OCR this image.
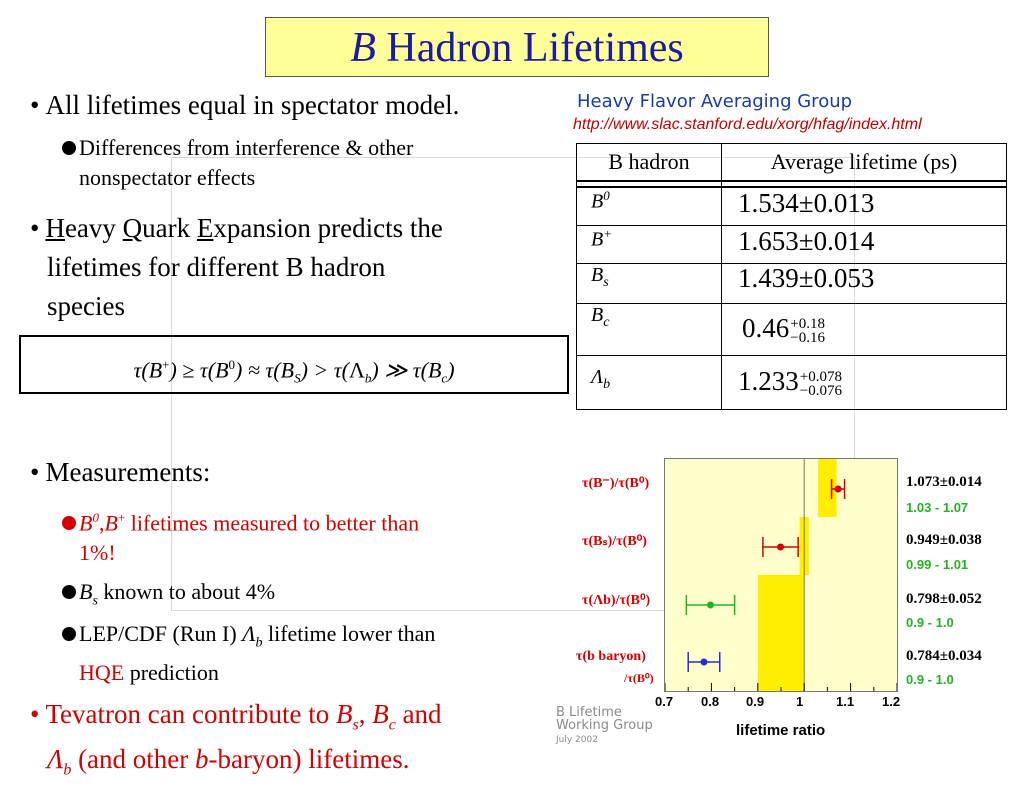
B Hadron Lifetimes
• All lifetimes equal in spectator model.
Differences from interference & other
nonspectator effects
• Heavy Quark Expansion predicts the
lifetimes for different B hadron
species
$\tau(B^+) \ge \tau(B^0) \approx \tau(B_S) > \tau(\Lambda_b)$ ≫ $\tau(B_c)$
• Measurements:
$B^0,B^+$ lifetimes measured to better than
1%!
$B_s$ known to about 4%
LEP/CDF (Run I) $\Lambda_b$ lifetime lower than
HQE prediction
• Tevatron can contribute to $B_s$, $B_c$ and
$\Lambda_b$ (and other b-baryon) lifetimes.
Heavy Flavor Averaging Group
http://www.slac.stanford.edu/xorg/hfag/index.html
B hadron	Average lifetime (ps)

$B^0$	1.534±0.013
B+	1.653±0.014
$B_s$	1.439±0.053
$B_c$	0.46+0.18
−0.16
$\Lambda_b$	1.233+0.078
−0.076
τ(B⁻)/τ(B⁰)
τ(Bₛ)/τ(B⁰)
τ(Λb)/τ(B⁰)
τ(b baryon)
/τ(B⁰)
1.073±0.014
1.03 - 1.07
0.949±0.038
0.99 - 1.01
0.798±0.052
0.9 - 1.0
0.784±0.034
0.9 - 1.0
0.7 0.8 0.9 1	1.1 1.2
lifetime ratio
B Lifetime
Working Group
July 2002
